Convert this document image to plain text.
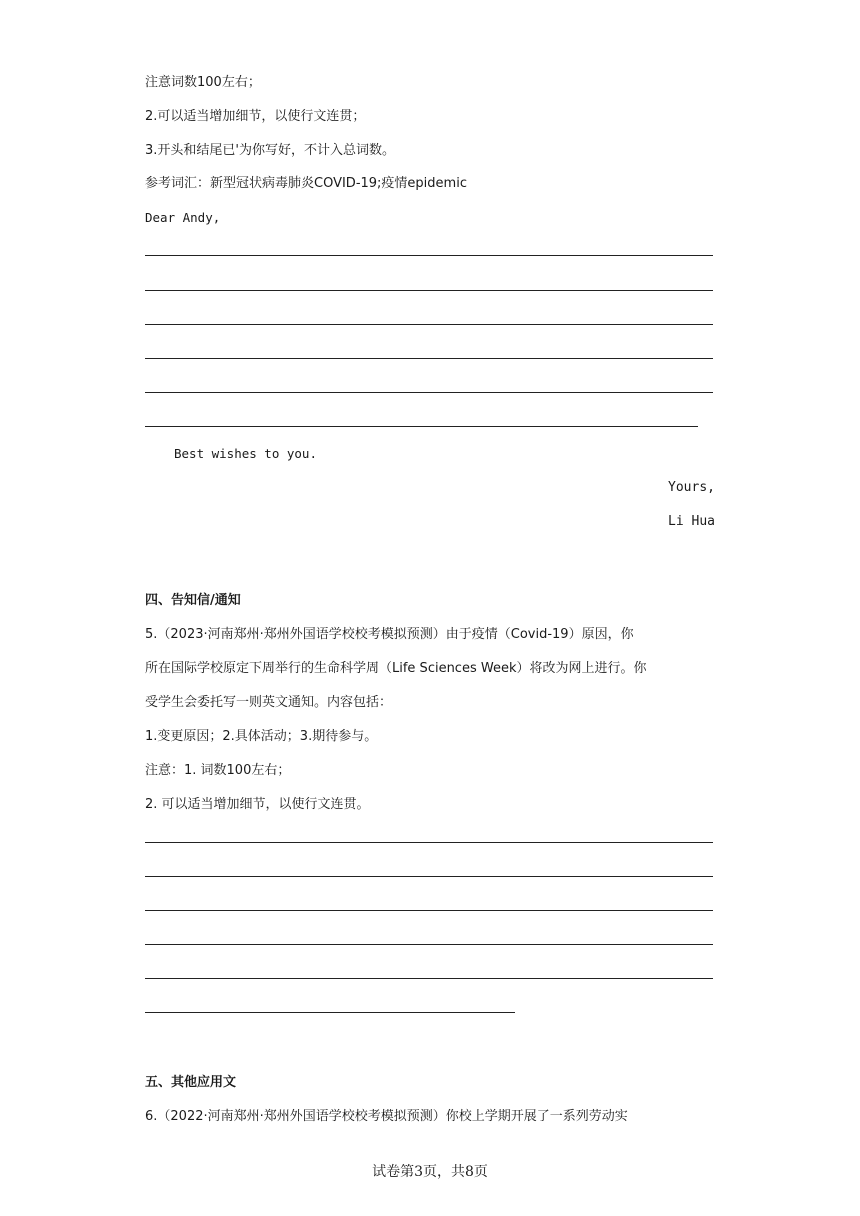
注意词数100左右；
2.可以适当增加细节，以使行文连贯；
3.开头和结尾已'为你写好，不计入总词数。
参考词汇：新型冠状病毒肺炎COVID-19;疫情epidemic
Dear Andy,
Best wishes to you.
Yours,
Li Hua
四、告知信/通知
5.（2023·河南郑州·郑州外国语学校校考模拟预测）由于疫情（Covid-19）原因，你
所在国际学校原定下周举行的生命科学周（Life Sciences Week）将改为网上进行。你
受学生会委托写一则英文通知。内容包括：
1.变更原因；2.具体活动；3.期待参与。
注意：1. 词数100左右；
2. 可以适当增加细节，以使行文连贯。
五、其他应用文
6.（2022·河南郑州·郑州外国语学校校考模拟预测）你校上学期开展了一系列劳动实
试卷第3页，共8页
